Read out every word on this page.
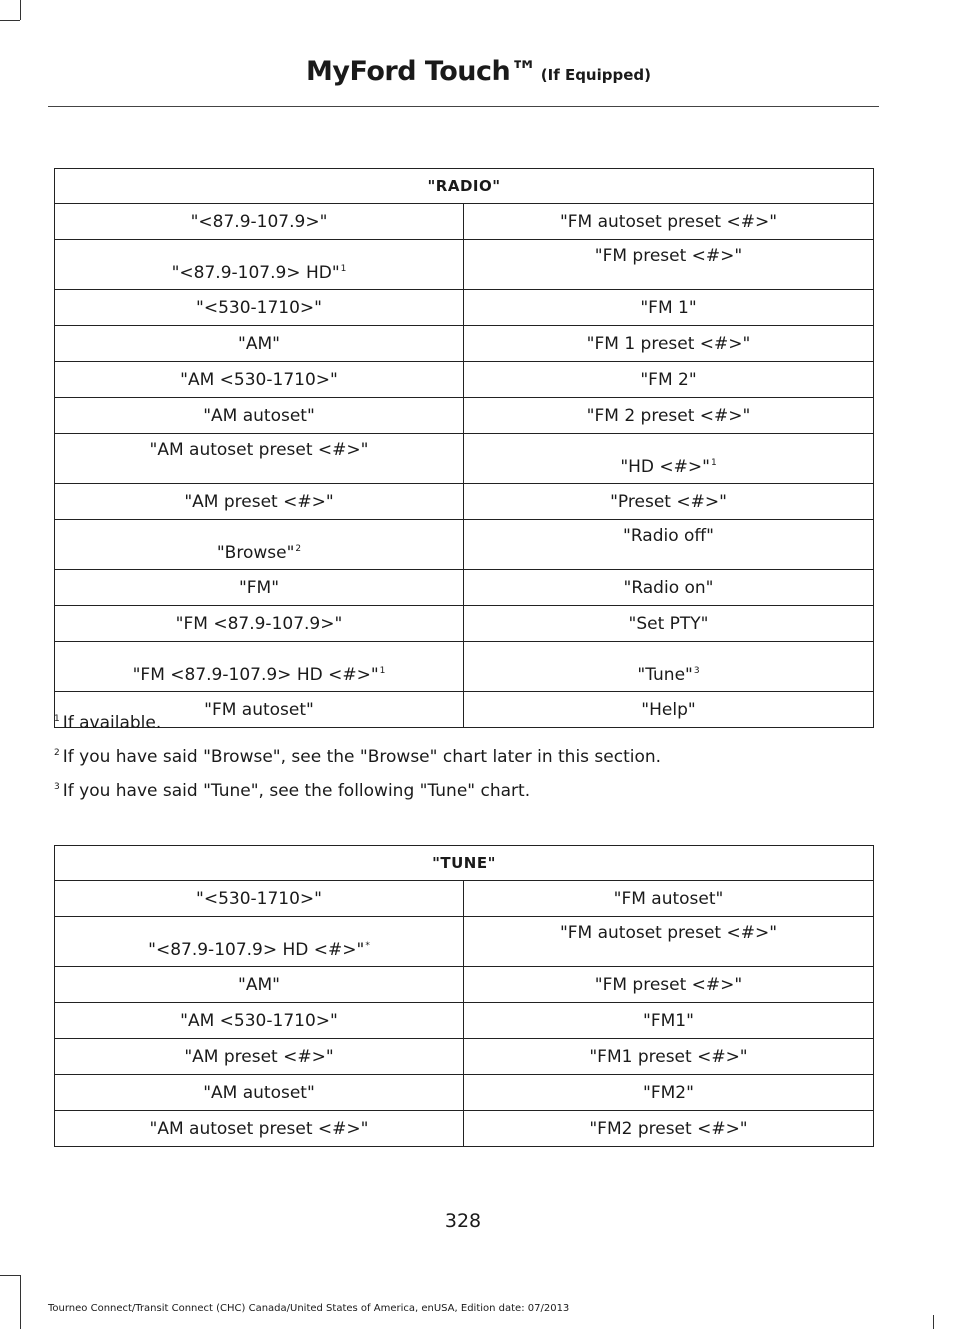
MyFord Touch™ (If Equipped)
"RADIO"	
"<87.9-107.9>"	"FM autoset preset <#>"
"<87.9-107.9> HD"$^1$	"FM preset <#>"
"<530-1710>"	"FM 1"
"AM"	"FM 1 preset <#>"
"AM <530-1710>"	"FM 2"
"AM autoset"	"FM 2 preset <#>"
"AM autoset preset <#>"	"HD <#>"$^1$
"AM preset <#>"	"Preset <#>"
"Browse"$^2$	"Radio off"
"FM"	"Radio on"
"FM <87.9-107.9>"	"Set PTY"
"FM <87.9-107.9> HD <#>"$^1$	"Tune"$^3$
"FM autoset"	"Help"
$^1$ If available.
$^2$ If you have said "Browse", see the "Browse" chart later in this section.
$^3$ If you have said "Tune", see the following "Tune" chart.
"TUNE"	
"<530-1710>"	"FM autoset"
"<87.9-107.9> HD <#>"*	"FM autoset preset <#>"
"AM"	"FM preset <#>"
"AM <530-1710>"	"FM1"
"AM preset <#>"	"FM1 preset <#>"
"AM autoset"	"FM2"
"AM autoset preset <#>"	"FM2 preset <#>"
328
Tourneo Connect/Transit Connect (CHC) Canada/United States of America, enUSA, Edition date: 07/2013
